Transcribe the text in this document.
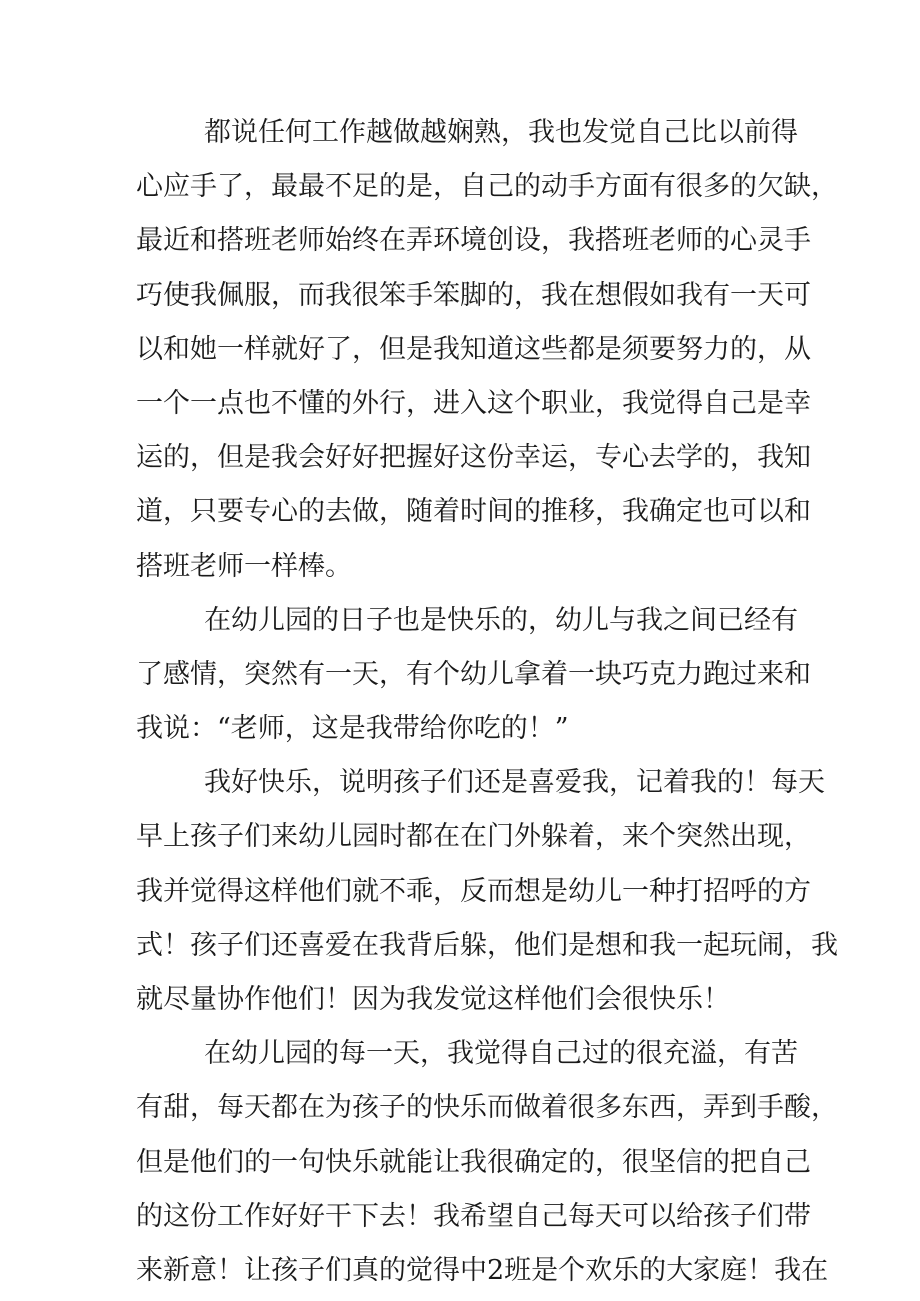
都说任何工作越做越娴熟，我也发觉自己比以前得
心应手了，最最不足的是，自己的动手方面有很多的欠缺，
最近和搭班老师始终在弄环境创设，我搭班老师的心灵手
巧使我佩服，而我很笨手笨脚的，我在想假如我有一天可
以和她一样就好了，但是我知道这些都是须要努力的，从
一个一点也不懂的外行，进入这个职业，我觉得自己是幸
运的，但是我会好好把握好这份幸运，专心去学的，我知
道，只要专心的去做，随着时间的推移，我确定也可以和
搭班老师一样棒。
在幼儿园的日子也是快乐的，幼儿与我之间已经有
了感情，突然有一天，有个幼儿拿着一块巧克力跑过来和
我说：“老师，这是我带给你吃的！”
我好快乐，说明孩子们还是喜爱我，记着我的！每天
早上孩子们来幼儿园时都在在门外躲着，来个突然出现，
我并觉得这样他们就不乖，反而想是幼儿一种打招呼的方
式！孩子们还喜爱在我背后躲，他们是想和我一起玩闹，我
就尽量协作他们！因为我发觉这样他们会很快乐！
在幼儿园的每一天，我觉得自己过的很充溢，有苦
有甜，每天都在为孩子的快乐而做着很多东西，弄到手酸，
但是他们的一句快乐就能让我很确定的，很坚信的把自己
的这份工作好好干下去！我希望自己每天可以给孩子们带
来新意！让孩子们真的觉得中2班是个欢乐的大家庭！我在
